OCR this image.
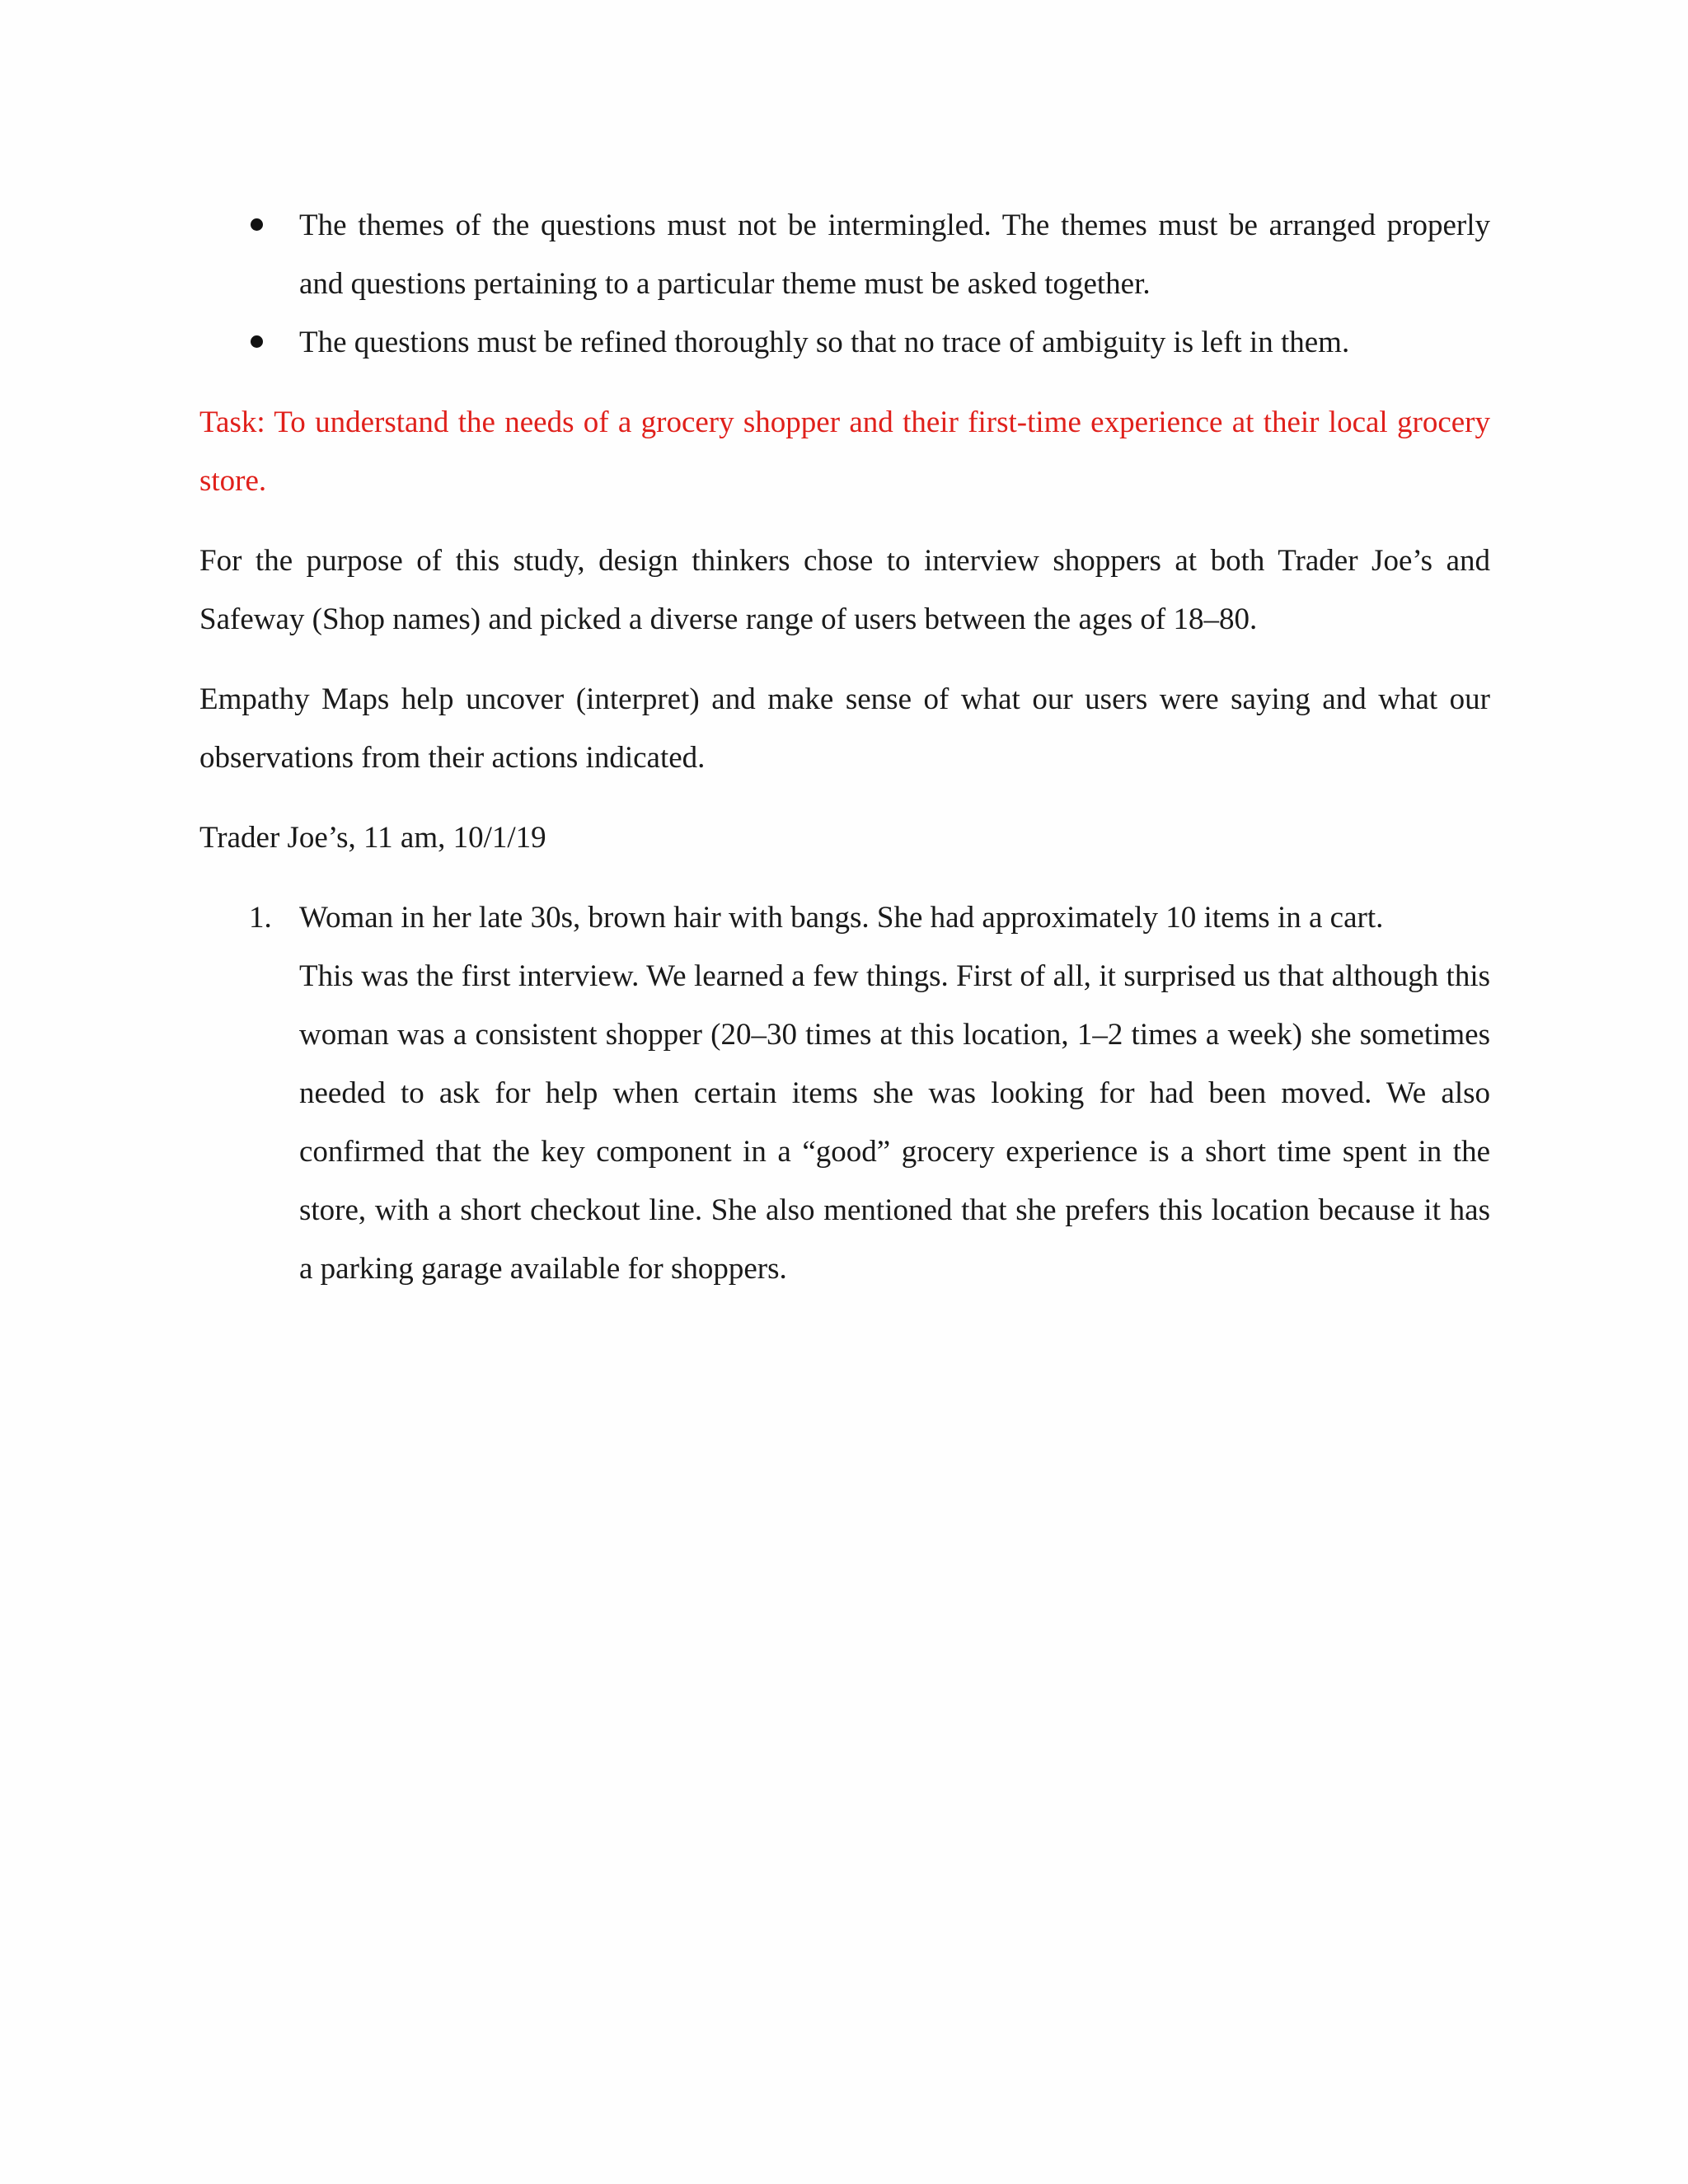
The themes of the questions must not be intermingled. The themes must be arranged properly and questions pertaining to a particular theme must be asked together.
The questions must be refined thoroughly so that no trace of ambiguity is left in them.

Task: To understand the needs of a grocery shopper and their first-time experience at their local grocery store.

For the purpose of this study, design thinkers chose to interview shoppers at both Trader Joe’s and Safeway (Shop names) and picked a diverse range of users between the ages of 18–80.

Empathy Maps help uncover (interpret) and make sense of what our users were saying and what our observations from their actions indicated.

Trader Joe’s, 11 am, 10/1/19

1. Woman in her late 30s, brown hair with bangs. She had approximately 10 items in a cart.
This was the first interview. We learned a few things. First of all, it surprised us that although this woman was a consistent shopper (20–30 times at this location, 1–2 times a week) she sometimes needed to ask for help when certain items she was looking for had been moved. We also confirmed that the key component in a “good” grocery experience is a short time spent in the store, with a short checkout line. She also mentioned that she prefers this location because it has a parking garage available for shoppers.
